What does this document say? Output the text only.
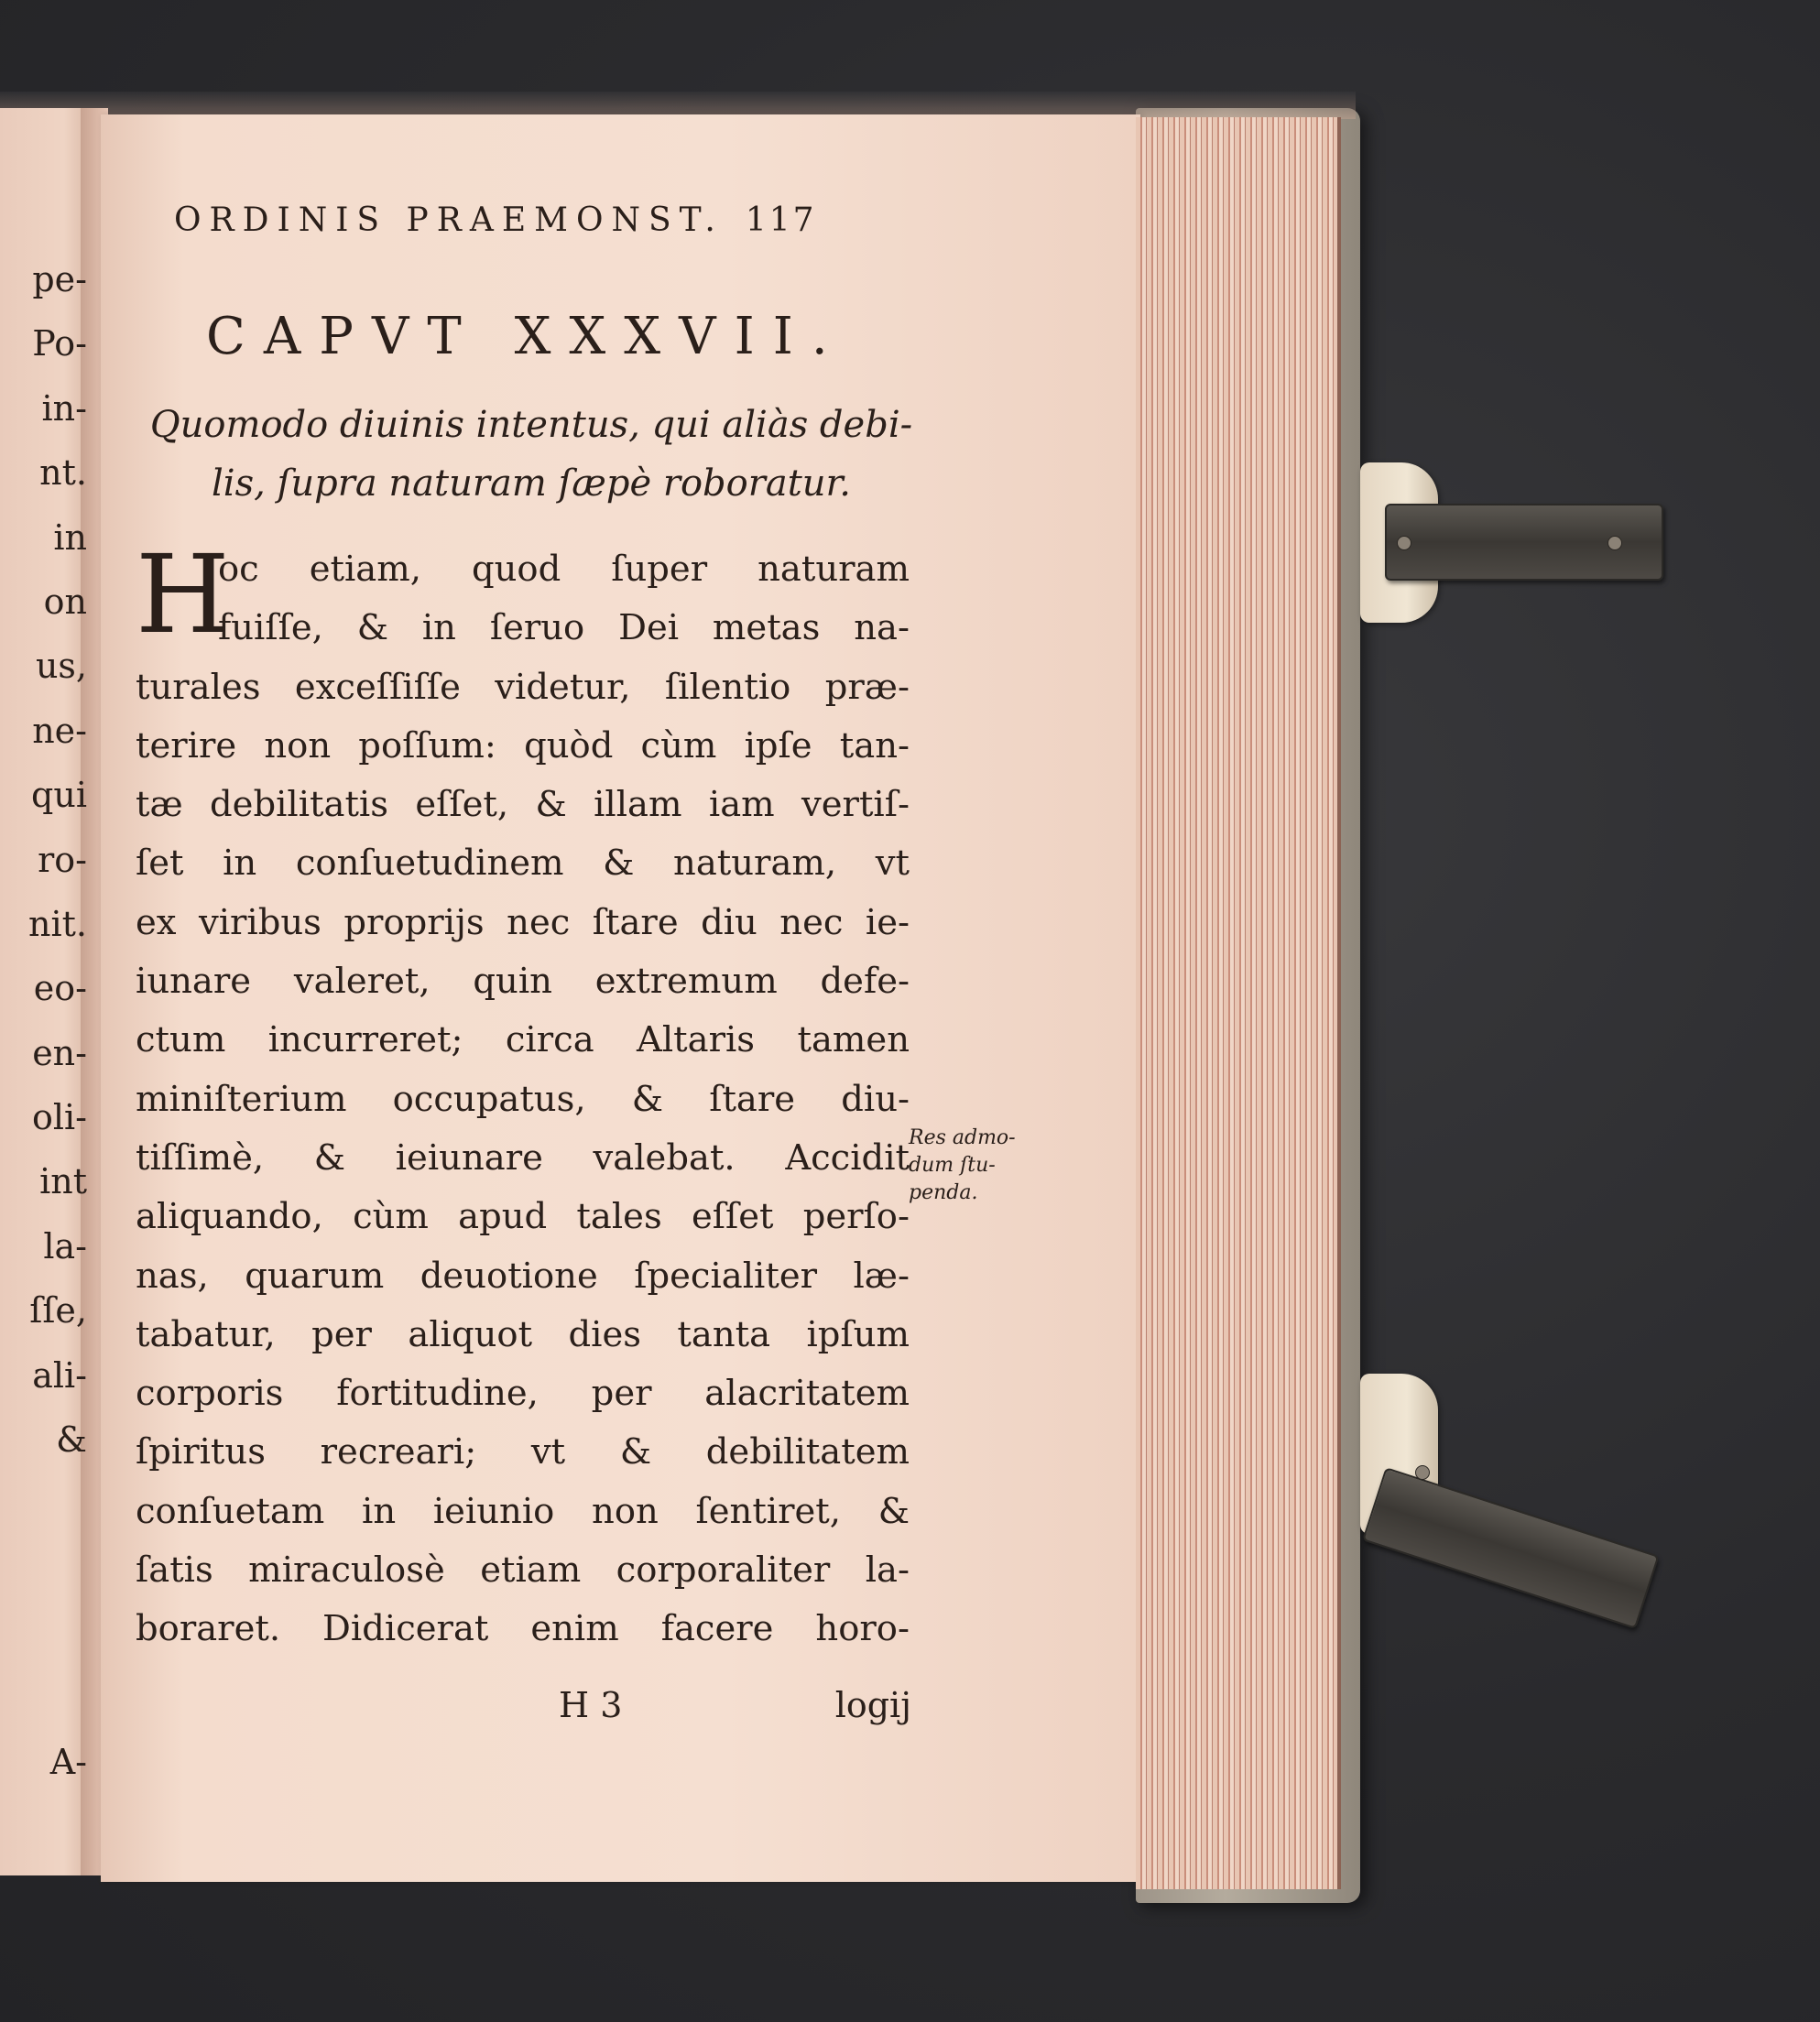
pe-
Po-
in-
nt.
in
on
us,
ne-
qui
ro-
nit.
eo-
en-
oli-
int
la-
ſſe,
ali-
&
A-
ORDINIS PRAEMONST. 117
CAPVT XXXVII.
Quomodo diuinis intentus, qui aliàs debi-
lis, ſupra naturam ſæpè roboratur.
H
oc etiam, quod ſuper naturam
fuiſſe, & in ſeruo Dei metas na-
turales exceſſiſſe videtur, ſilentio præ-
terire non poſſum: quòd cùm ipſe tan-
tæ debilitatis eſſet, & illam iam vertiſ-
ſet in conſuetudinem & naturam, vt
ex viribus proprijs nec ſtare diu nec ie-
iunare valeret, quin extremum defe-
ctum incurreret; circa Altaris tamen
miniſterium occupatus, & ſtare diu-
tiſſimè, & ieiunare valebat. Accidit
aliquando, cùm apud tales eſſet perſo-
nas, quarum deuotione ſpecialiter læ-
tabatur, per aliquot dies tanta ipſum
corporis fortitudine, per alacritatem
ſpiritus recreari; vt & debilitatem
conſuetam in ieiunio non ſentiret, &
ſatis miraculosè etiam corporaliter la-
boraret. Didicerat enim facere horo-
H 3	logij
Res admo-
dum ſtu-
penda.
